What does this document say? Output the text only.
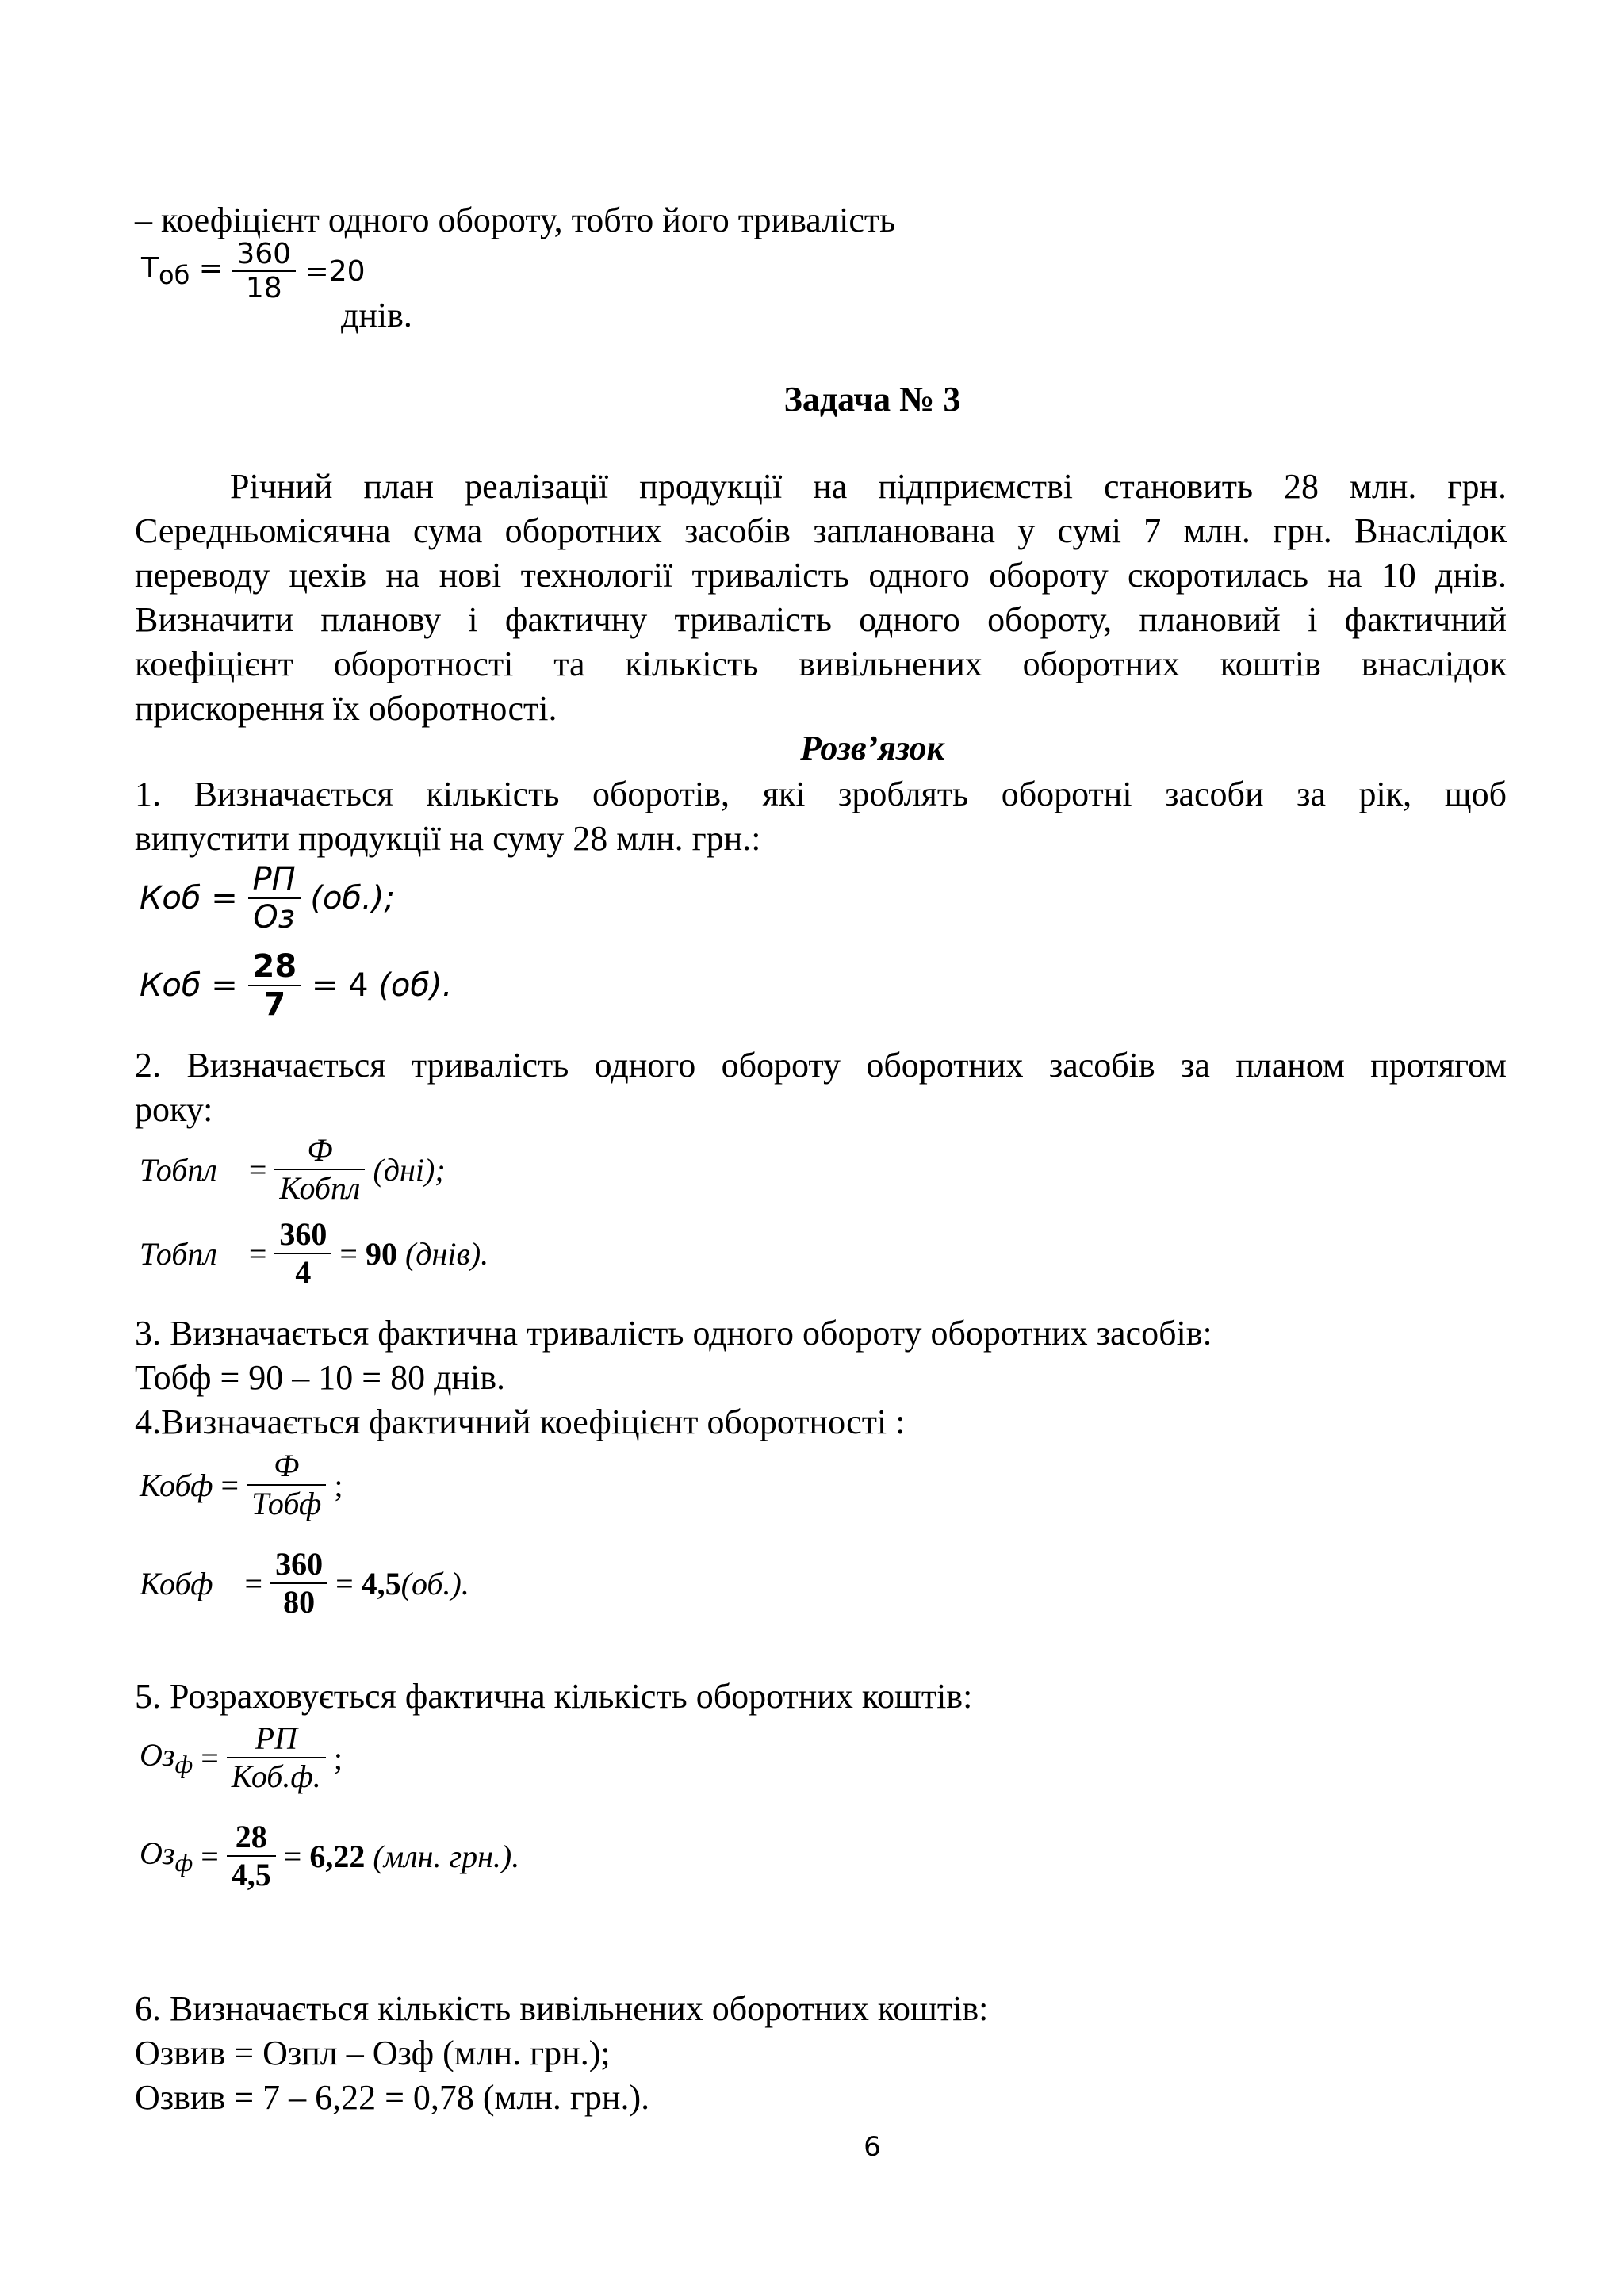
– коефіцієнт одного обороту, тобто його тривалість
$Т_{об} = \frac{360}{18} =20$
днів.
Задача № 3
Річний план реалізації продукції на підприємстві становить 28 млн. грн.
Середньомісячна сума оборотних засобів запланована у сумі 7 млн. грн. Внаслідок
переводу цехів на нові технології тривалість одного обороту скоротилась на 10 днів.
Визначити планову і фактичну тривалість одного обороту, плановий і фактичний
коефіцієнт оборотності та кількість вивільнених оборотних коштів внаслідок
прискорення їх оборотності.
Розв’язок
1. Визначається кількість оборотів, які зроблять оборотні засоби за рік, щоб
випустити продукції на суму 28 млн. грн.:
Коб = $\frac{РП}{Оз} (об.)$;
Коб = $\frac{28}{7} = 4$ (об).
2. Визначається тривалість одного обороту оборотних засобів за планом протягом
року:
Тобпл    = $\frac{Ф}{\text{Кобпл}} (дні)$;
Тобпл    = $\frac{360}{4} = 90$ (днів).
3. Визначається фактична тривалість одного обороту оборотних засобів:
Тобф = 90 – 10 = 80 днів.
4.Визначається фактичний коефіцієнт оборотності :
Кобф = $\frac{Ф}{\text{Тобф}}$ ;
Кобф    = $\frac{360}{80} = 4,5(об.)$.
5. Розраховується фактична кількість оборотних коштів:
$Оз_ф = \frac{РП}{\text{Коб.ф.}}$ ;
$Оз_ф = \frac{28}{4,5} = 6,22$ (млн. грн.).
6. Визначається кількість вивільнених оборотних коштів:
Озвив = Озпл – Озф (млн. грн.);
Озвив = 7 – 6,22 = 0,78 (млн. грн.).
6
